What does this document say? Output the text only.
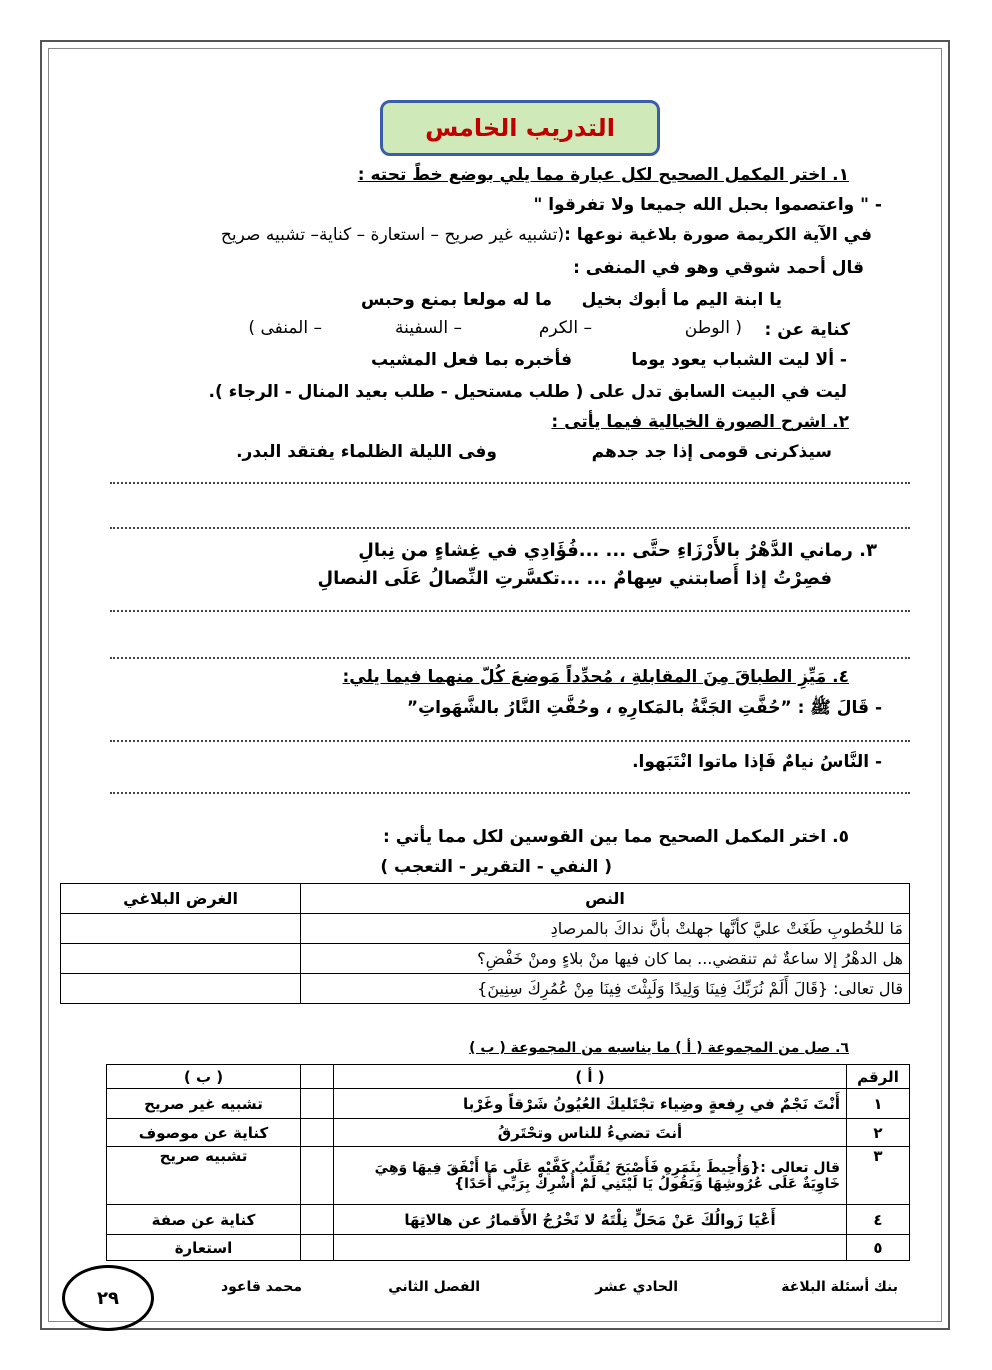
التدريب الخامس
١. اختر المكمل الصحيح لكل عبارة مما يلي بوضع خطً تحته :
- " واعتصموا بحبل الله جميعا ولا تفرقوا "
في الآية الكريمة صورة بلاغية نوعها :(تشبيه غير صريح – استعارة – كناية– تشبيه صريح
قال أحمد شوقي وهو في المنفى :
يا ابنة اليم ما أبوك بخيل
ما له مولعا بمنع وحبس
كناية عن :
( الوطن
– الكرم
– السفينة
– المنفى )
- ألا ليت الشباب يعود يوما
فأخبره بما فعل المشيب
ليت في البيت السابق تدل على ( طلب مستحيل - طلب بعيد المنال - الرجاء ).
٢. اشرح الصورة الخيالية فيما يأتى :
سيذكرنى قومى إذا جد جدهم
وفى الليلة الظلماء يفتقد البدر.
٣. رماني الدَّهْرُ بالأَرْزَاءِ حتَّى ... ...فُؤَادِي في غِشاءٍ من نِبالِ
فصِرْتُ إذا أَصابتني سِهامٌ ... ...تكسَّرتِ النِّصالُ عَلَى النصالِ
٤. مَيِّزِ الطباقَ مِنَ المقابلةِ ، مُحدِّداً مَوضعَ كُلّ منهما فيما يلي:
- قَالَ ﷺ : ”حُفَّتِ الجَنَّةُ بالمَكارِهِ ، وحُفَّتِ النَّارُ بالشَّهَواتِ”
- النَّاسُ نيامٌ فَإذا ماتوا انْتَبَهوا.
٥. اختر المكمل الصحيح مما بين القوسين لكل مما يأتي :
( النفي - التقرير - التعجب )
النص	الغرض البلاغي
مَا للخُطوبِ طَغَتْ عليَّ كأنَّها جهلتْ بأنَّ نداكَ بالمرصادِ	
هل الدهْرُ إلا ساعةٌ ثم تنقضي... بما كان فيها منْ بلاءٍ ومنْ خَفْضِ؟	
قال تعالى: {قَالَ أَلَمْ نُرَبِّكَ فِينَا وَلِيدًا وَلَبِثْتَ فِينَا مِنْ عُمُرِكَ سِنِينَ}	
٦. صل من المجموعة ( أ ) ما يناسبه من المجموعة ( ب )
الرقم	( أ )		( ب )
١	أَنْتَ نَجْمٌ في رِفعةٍ وضِياء تجْتَليكَ العُيُونُ شَرْقاً وغَرْبا		تشبيه غير صريح
٢	أنتَ تضيءُ للناس وتحْتَرقُ		كناية عن موصوف
٣	قال تعالى :{وَأُحِيطَ بِثَمَرِهِ فَأَصْبَحَ يُقَلِّبُ كَفَّيْهِ عَلَى مَا أَنْفَقَ فِيهَا وَهِيَ
خَاوِيَةٌ عَلَى عُرُوشِهَا وَيَقُولُ يَا لَيْتَنِي لَمْ أُشْرِكْ بِرَبِّي أَحَدًا}		تشبيه صريح
٤	أَعْيَا زَوالُكَ عَنْ مَحَلٍّ نِلْتَهُ لا تَخْرُجُ الأَقمارُ عن هالاتِهَا		كناية عن صفة
٥			استعارة
بنك أسئلة البلاغة
الحادي عشر
الفصل الثاني
محمد قاعود
٢٩
